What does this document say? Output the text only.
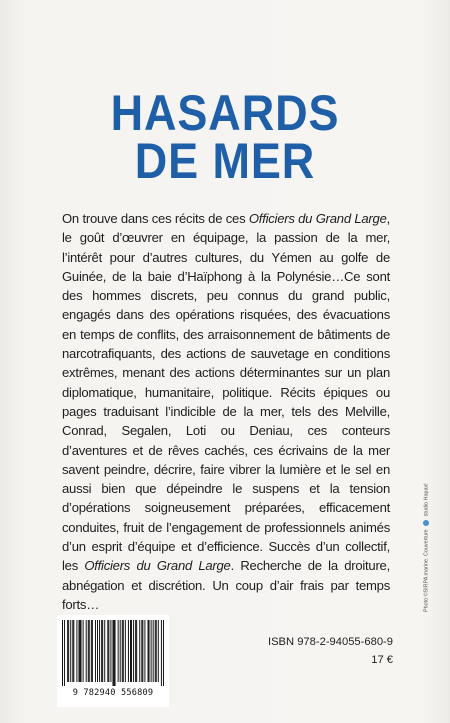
HASARDS
DE MER
On trouve dans ces récits de ces Officiers du Grand Large, le goût d’œuvrer en équipage, la passion de la mer, l’intérêt pour d’autres cultures, du Yémen au golfe de Guinée, de la baie d’Haïphong à la Polynésie…Ce sont des hommes discrets, peu connus du grand public, engagés dans des opérations risquées, des évacuations en temps de conflits, des arraisonnement de bâtiments de narcotrafiquants, des actions de sauvetage en conditions extrêmes, menant des actions déterminantes sur un plan diplomatique, humanitaire, politique. Récits épiques ou pages traduisant l’indicible de la mer, tels des Melville, Conrad, Segalen, Loti ou Deniau, ces conteurs d’aventures et de rêves cachés, ces écrivains de la mer savent peindre, décrire, faire vibrer la lumière et le sel en aussi bien que dépeindre le suspens et la tension d’opérations soigneusement préparées, efficacement conduites, fruit de l’engagement de professionnels animés d’un esprit d’équipe et d’efficience. Succès d’un collectif, les Officiers du Grand Large. Recherche de la droiture, abnégation et discrétion. Un coup d’air frais par temps forts…	Photo ©SIRPA marine. Couverture  studio Hapax!
9 782940 556809
ISBN 978-2-94055-680-9
17 €
